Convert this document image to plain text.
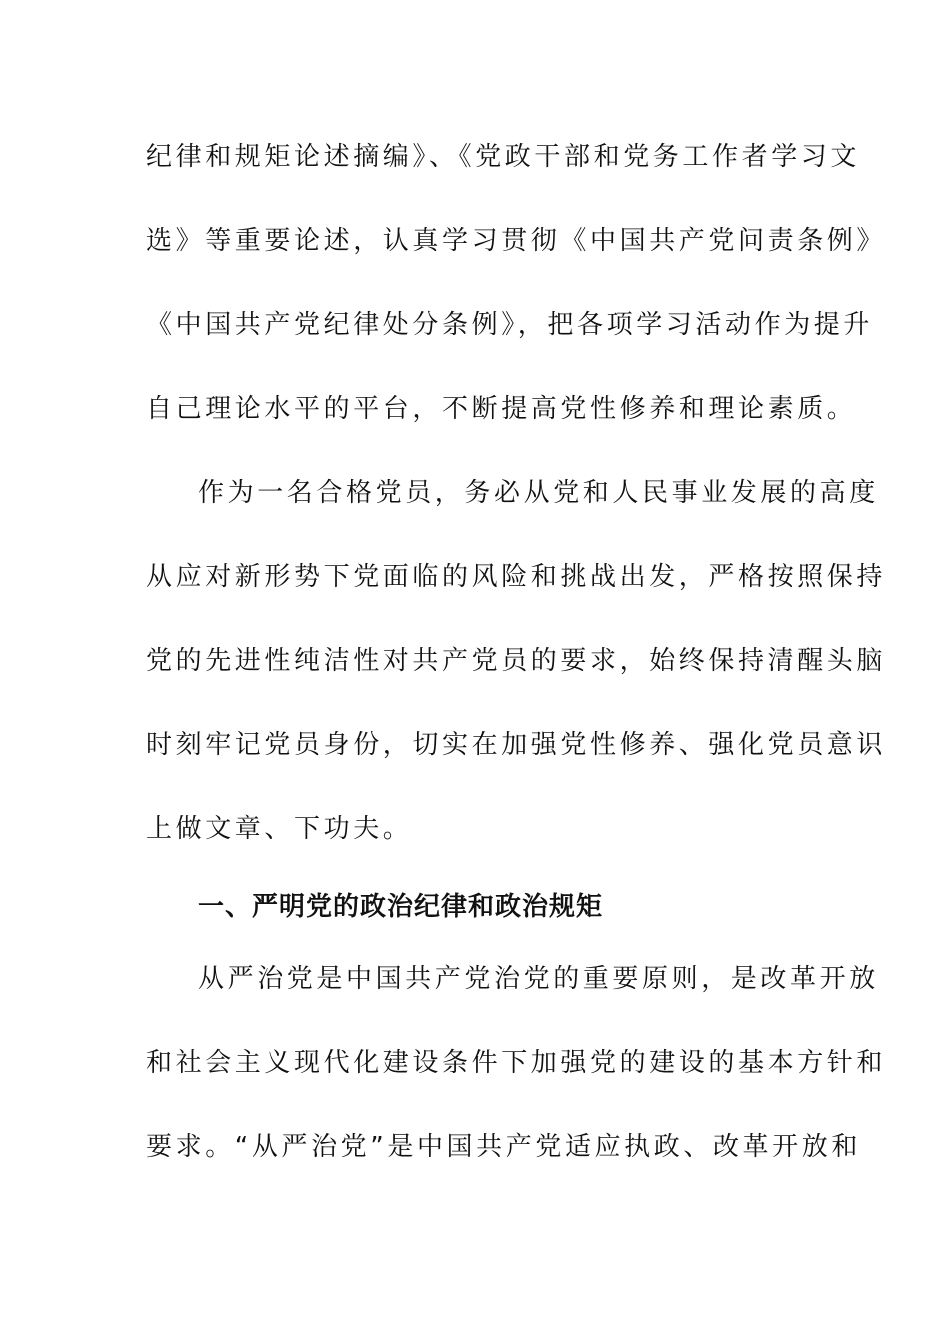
纪律和规矩论述摘编》、《党政干部和党务工作者学习文
选》等重要论述，认真学习贯彻《中国共产党问责条例》
《中国共产党纪律处分条例》，把各项学习活动作为提升
自己理论水平的平台，不断提高党性修养和理论素质。
作为一名合格党员，务必从党和人民事业发展的高度
从应对新形势下党面临的风险和挑战出发，严格按照保持
党的先进性纯洁性对共产党员的要求，始终保持清醒头脑
时刻牢记党员身份，切实在加强党性修养、强化党员意识
上做文章、下功夫。
一、严明党的政治纪律和政治规矩
从严治党是中国共产党治党的重要原则，是改革开放
和社会主义现代化建设条件下加强党的建设的基本方针和
要求。“从严治党”是中国共产党适应执政、改革开放和
